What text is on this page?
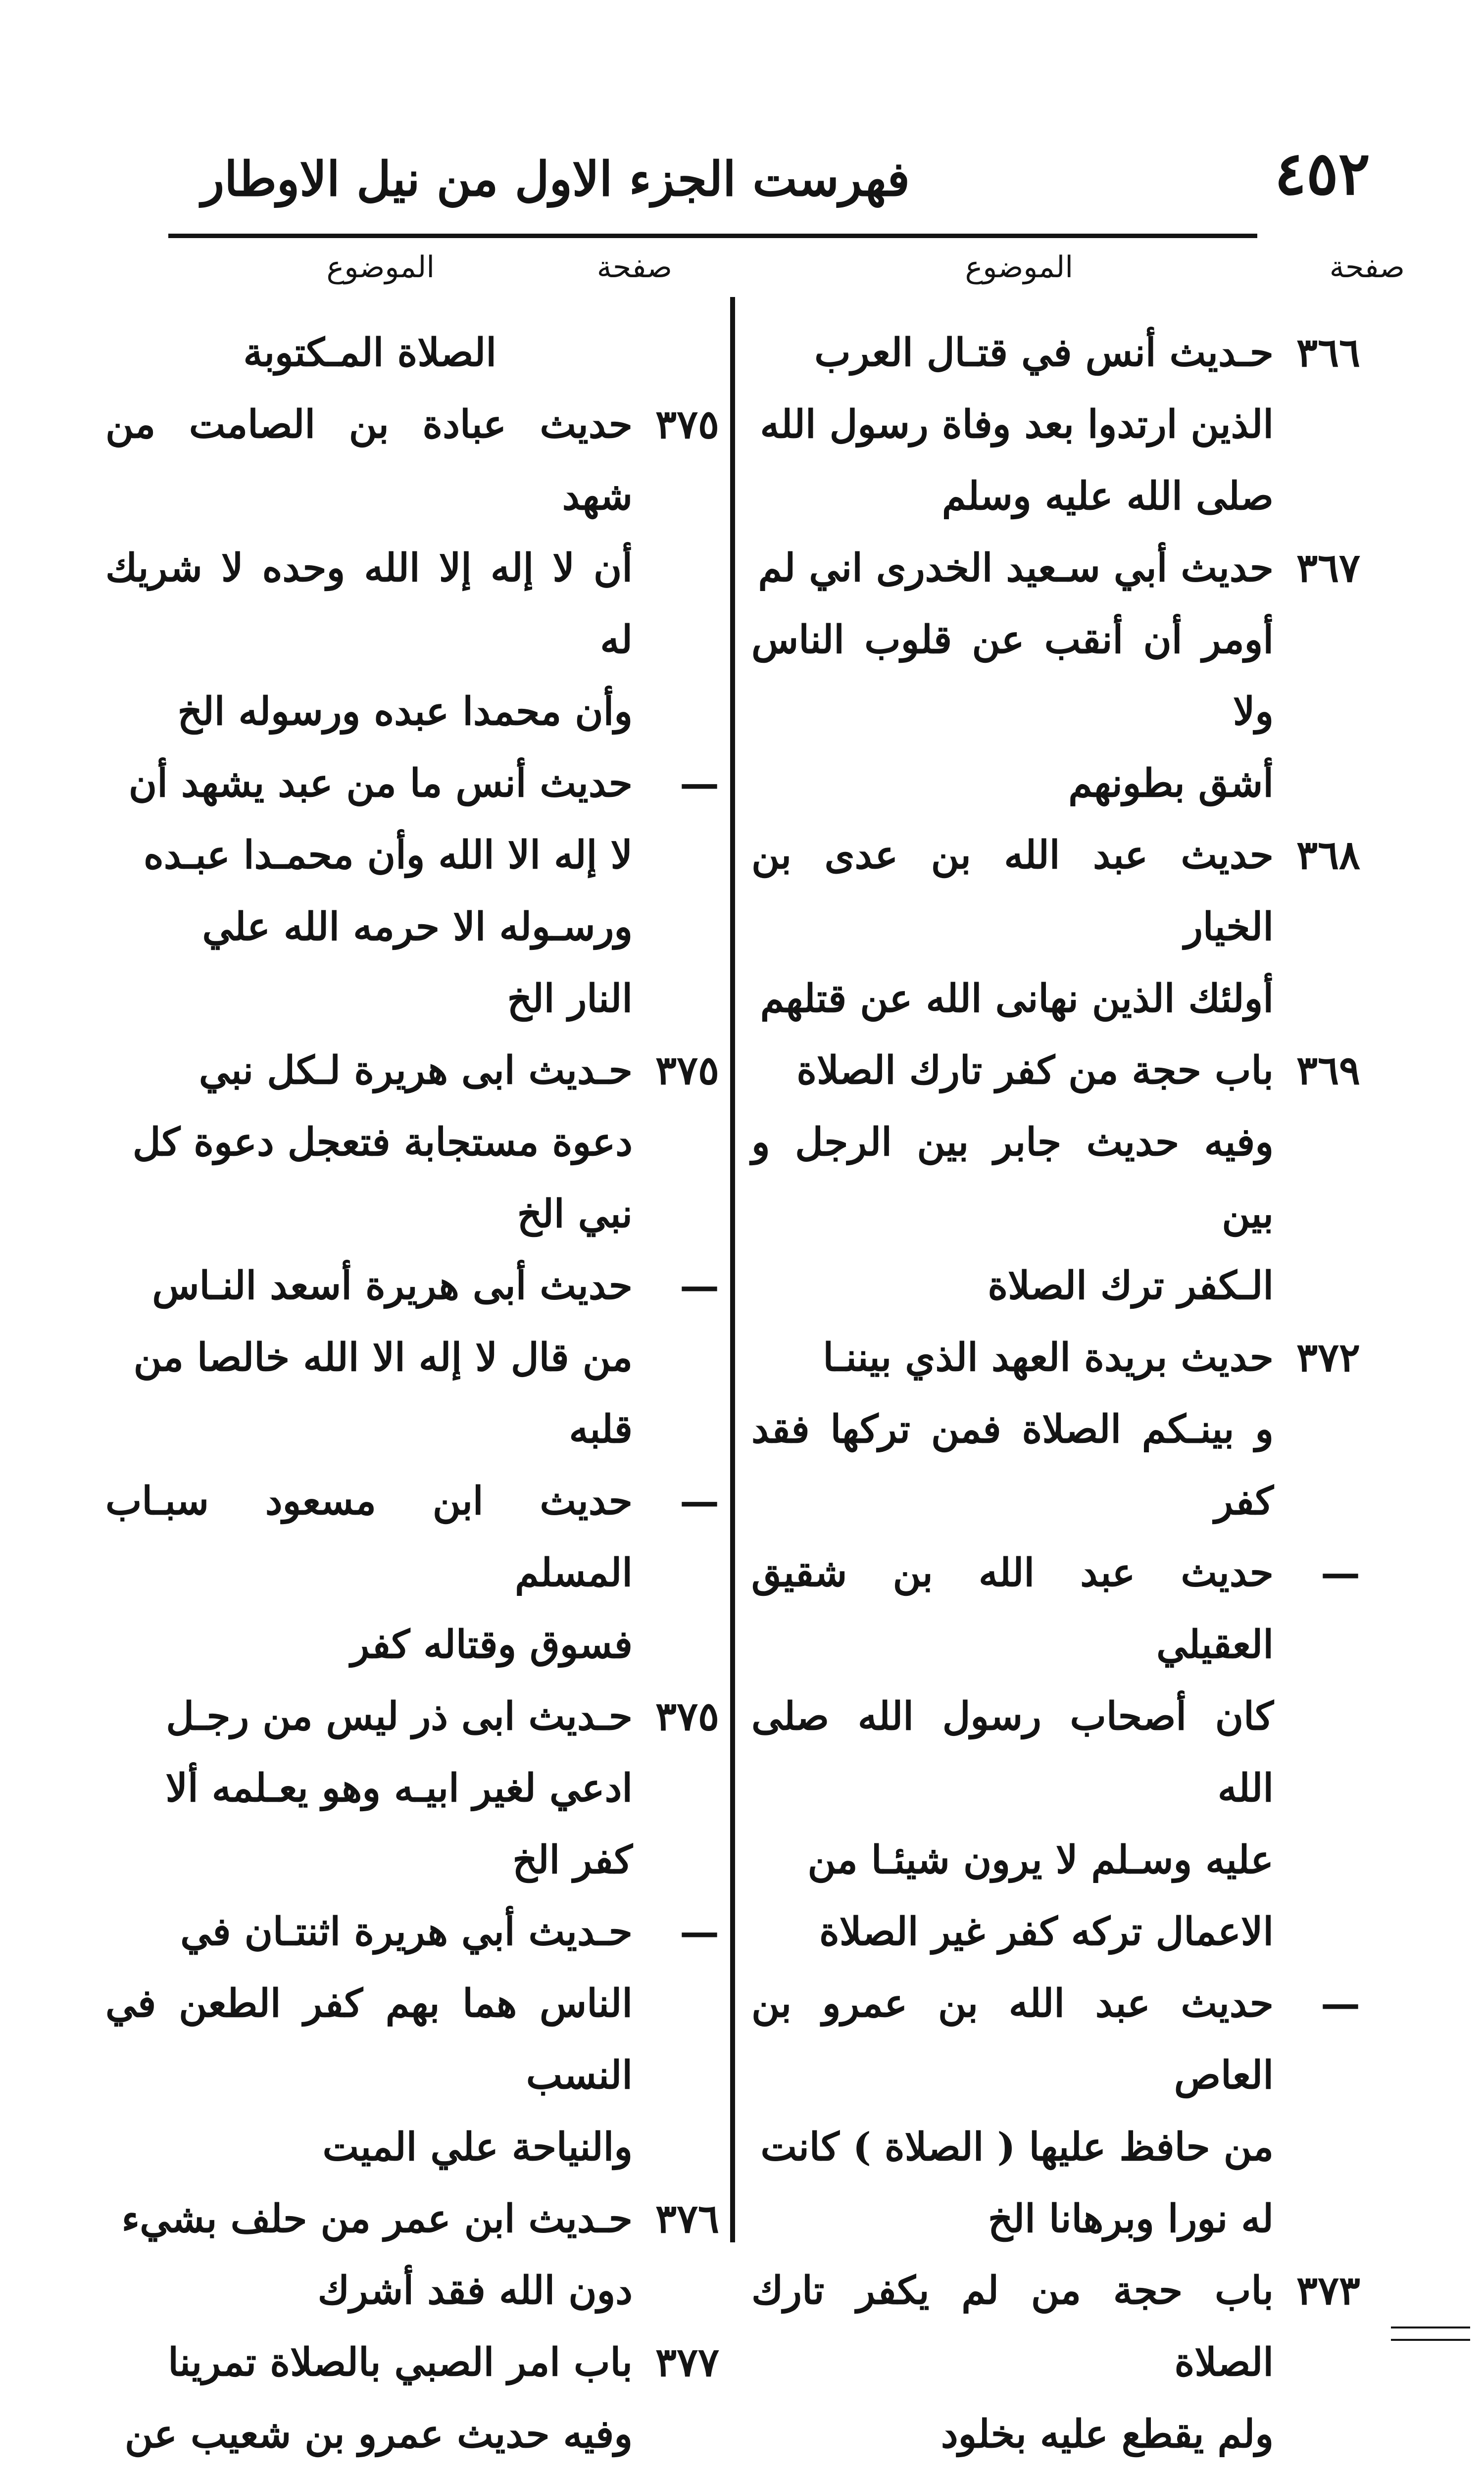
٤٥٢
فهرست الجزء الاول من نيل الاوطار
صفحة
الموضوع
صفحة
الموضوع
٣٦٦
حـديث أنس في قتـال العرب
الذين ارتدوا بعد وفاة رسول الله
صلى الله عليه وسلم
٣٦٧
حديث أبي سـعيد الخدرى اني لم
أومر أن أنقب عن قلوب الناس ولا
أشق بطونهم
٣٦٨
حديث عبد الله بن عدى بن الخيار
أولئك الذين نهانى الله عن قتلهم
٣٦٩
باب حجة من كفر تارك الصلاة
وفيه حديث جابر بين الرجل و بين
الـكفر ترك الصلاة
٣٧٢
حديث بريدة العهد الذي بيننـا
و بينـكم الصلاة فمن تركها فقد كفر
—
حديث عبد الله بن شقيق العقيلي
كان أصحاب رسول الله صلى الله
عليه وسـلم لا يرون شيئـا من
الاعمال تركه كفر غير الصلاة
—
حديث عبد الله بن عمرو بن العاص
من حافظ عليها ( الصلاة ) كانت
له نورا وبرهانا الخ
٣٧٣
باب حجة من لم يكفر تارك الصلاة
ولم يقطع عليه بخلود

الصلاة المـكتوبة
٣٧٥
حديث عبادة بن الصامت من شهد
أن لا إله إلا الله وحده لا شريك له
وأن محمدا عبده ورسوله الخ
—
حديث أنس ما من عبد يشهد أن
لا إله الا الله وأن محمـدا عبـده
ورسـوله الا حرمه الله علي
النار الخ
٣٧٥
حـديث ابى هريرة لـكل نبي
دعوة مستجابة فتعجل دعوة كل
نبي الخ
—
حديث أبى هريرة أسعد النـاس
من قال لا إله الا الله خالصا من
قلبه
—
حديث ابن مسعود سبـاب المسلم
فسوق وقتاله كفر
٣٧٥
حـديث ابى ذر ليس من رجـل
ادعي لغير ابيـه وهو يعـلمه ألا
كفر الخ
—
حـديث أبي هريرة اثنتـان في
الناس هما بهم كفر الطعن في النسب
والنياحة علي الميت
٣٧٦
حـديث ابن عمر من حلف بشيء
دون الله فقد أشرك
٣٧٧
باب امر الصبي بالصلاة تمرينا
وفيه حديث عمرو بن شعيب عن
